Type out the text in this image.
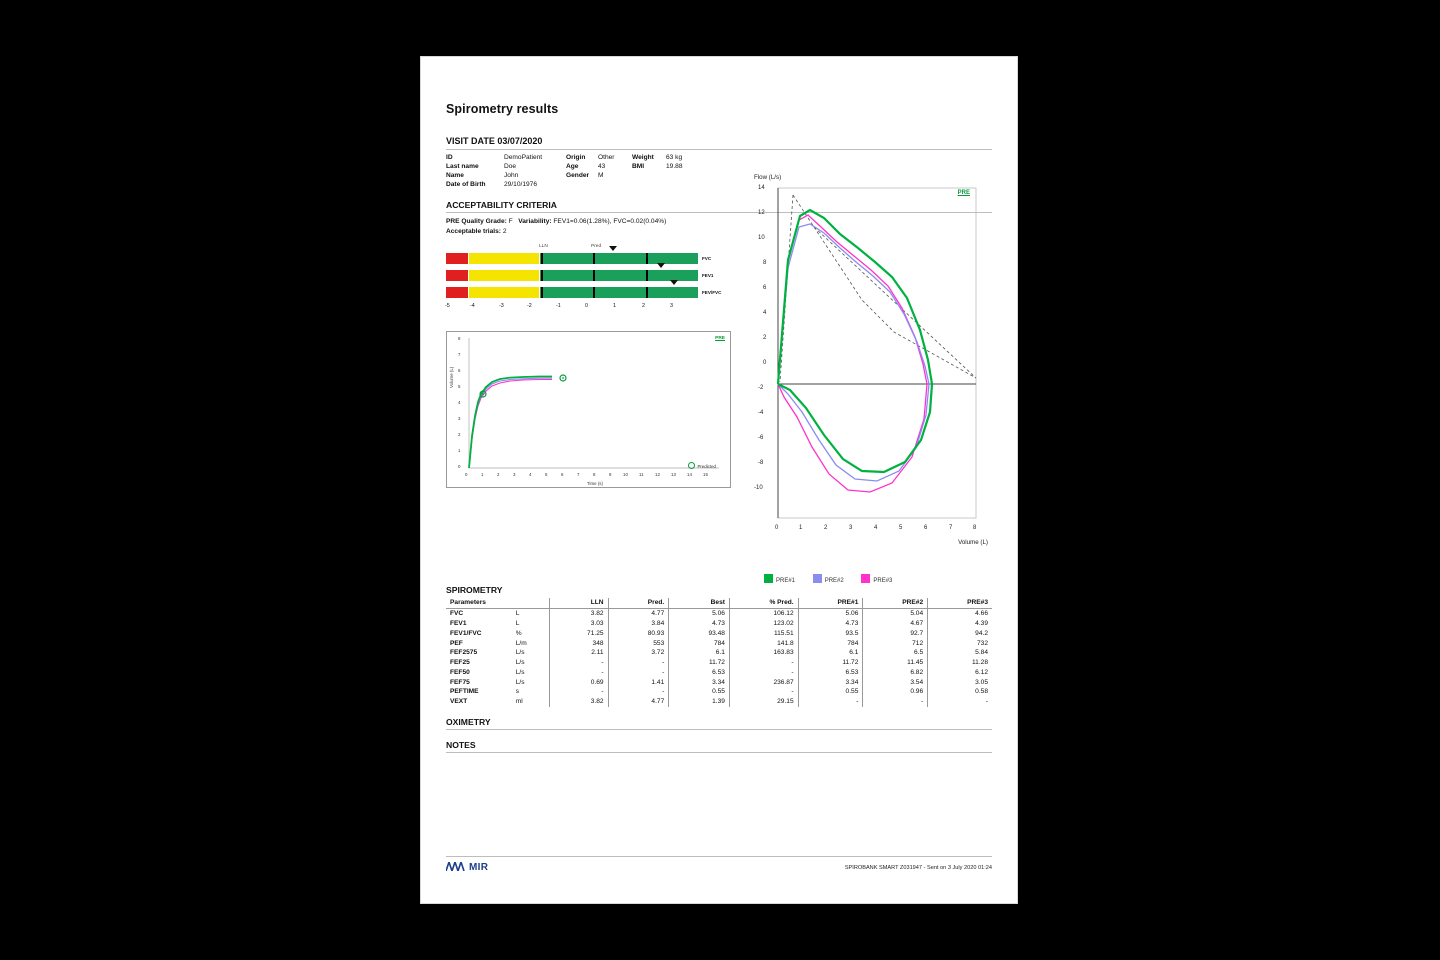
Spirometry results
VISIT DATE 03/07/2020
ID	DemoPatient	Origin	Other	Weight	63 kg
Last name	Doe	Age	43	BMI	19.88
Name	John	Gender	M		
Date of Birth	29/10/1976				
ACCEPTABILITY CRITERIA
PRE Quality Grade: F Variability: FEV1=0.06(1.28%), FVC=0.02(0.04%)
Acceptable trials: 2
LLN	Pred
FVC
FEV1
FEV/FVC
-5	-4	-3	-2	-1	0	1	2	3
PRE
Volume (L)
Time (s)
8
7
6
5
4
3
2
1
0
0	1	2	3	4	5	6	7	8	9	10	11	12	13	14	15
Predicted
Flow (L/s)
PRE
Volume (L)
14
12
10
8
6
4
2
0
-2
-4
-6
-8
-10
0	1	2	3	4	5	6	7	8
PRE#1	PRE#2	PRE#3
SPIROMETRY
Parameters		LLN	Pred.	Best	% Pred.	PRE#1	PRE#2	PRE#3
FVC	L	3.82	4.77	5.06	106.12	5.06	5.04	4.66
FEV1	L	3.03	3.84	4.73	123.02	4.73	4.67	4.39
FEV1/FVC	%	71.25	80.93	93.48	115.51	93.5	92.7	94.2
PEF	L/m	348	553	784	141.8	784	712	732
FEF2575	L/s	2.11	3.72	6.1	163.83	6.1	6.5	5.84
FEF25	L/s	-	-	11.72	-	11.72	11.45	11.28
FEF50	L/s	-	-	6.53	-	6.53	6.82	6.12
FEF75	L/s	0.69	1.41	3.34	236.87	3.34	3.54	3.05
PEFTIME	s	-	-	0.55	-	0.55	0.96	0.58
VEXT	ml	3.82	4.77	1.39	29.15	-	-	-
OXIMETRY
NOTES
MIR	SPIROBANK SMART Z031947 - Sent on 3 July 2020 01:24
